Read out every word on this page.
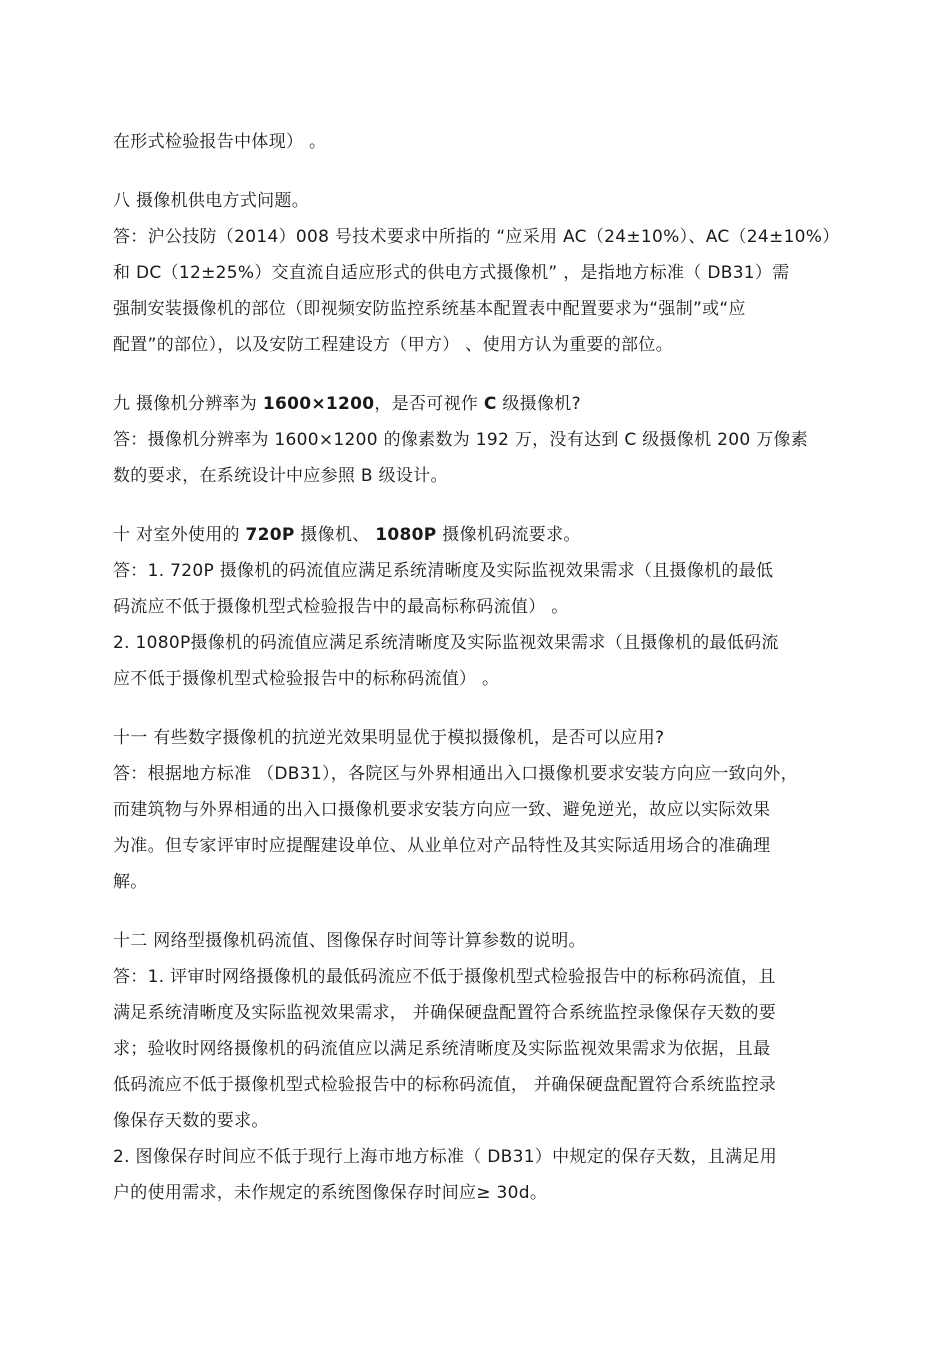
在形式检验报告中体现） 。
八 摄像机供电方式问题。
答：沪公技防（2014）008 号技术要求中所指的 “应采用 AC（24±10%）、AC（24±10%）
和 DC（12±25%）交直流自适应形式的供电方式摄像机” ，是指地方标准（ DB31）需
强制安装摄像机的部位（即视频安防监控系统基本配置表中配置要求为“强制”或“应
配置”的部位），以及安防工程建设方（甲方） 、使用方认为重要的部位。
九 摄像机分辨率为 1600×1200，是否可视作 C 级摄像机?
答：摄像机分辨率为 1600×1200 的像素数为 192 万，没有达到 C 级摄像机 200 万像素
数的要求，在系统设计中应参照 B 级设计。
十 对室外使用的 720P 摄像机、 1080P 摄像机码流要求。
答：1. 720P 摄像机的码流值应满足系统清晰度及实际监视效果需求（且摄像机的最低
码流应不低于摄像机型式检验报告中的最高标称码流值） 。
2. 1080P摄像机的码流值应满足系统清晰度及实际监视效果需求（且摄像机的最低码流
应不低于摄像机型式检验报告中的标称码流值） 。
十一 有些数字摄像机的抗逆光效果明显优于模拟摄像机，是否可以应用?
答：根据地方标准 （DB31），各院区与外界相通出入口摄像机要求安装方向应一致向外，
而建筑物与外界相通的出入口摄像机要求安装方向应一致、避免逆光，故应以实际效果
为准。但专家评审时应提醒建设单位、从业单位对产品特性及其实际适用场合的准确理
解。
十二 网络型摄像机码流值、图像保存时间等计算参数的说明。
答：1. 评审时网络摄像机的最低码流应不低于摄像机型式检验报告中的标称码流值，且
满足系统清晰度及实际监视效果需求， 并确保硬盘配置符合系统监控录像保存天数的要
求；验收时网络摄像机的码流值应以满足系统清晰度及实际监视效果需求为依据，且最
低码流应不低于摄像机型式检验报告中的标称码流值， 并确保硬盘配置符合系统监控录
像保存天数的要求。
2. 图像保存时间应不低于现行上海市地方标准（ DB31）中规定的保存天数，且满足用
户的使用需求，未作规定的系统图像保存时间应≥ 30d。
